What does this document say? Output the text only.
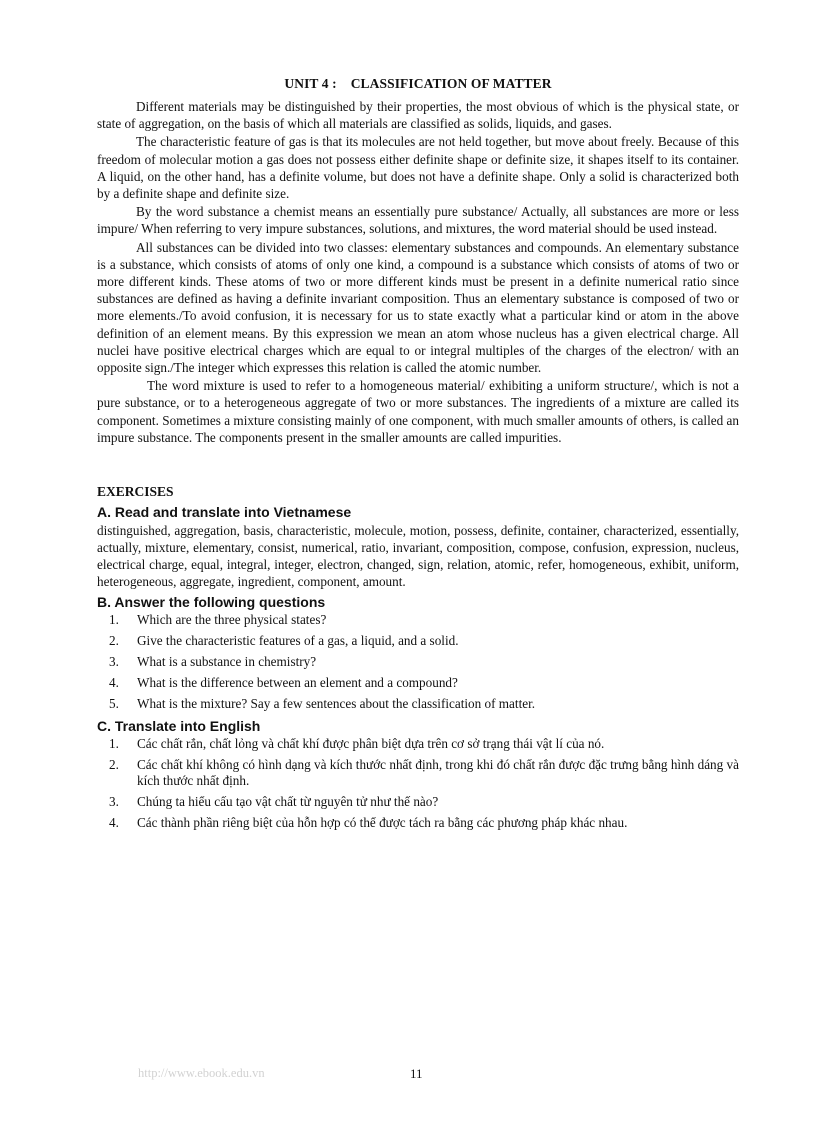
UNIT 4 : CLASSIFICATION OF MATTER

Different materials may be distinguished by their properties, the most obvious of which is the physical state, or state of aggregation, on the basis of which all materials are classified as solids, liquids, and gases.

The characteristic feature of gas is that its molecules are not held together, but move about freely. Because of this freedom of molecular motion a gas does not possess either definite shape or definite size, it shapes itself to its container. A liquid, on the other hand, has a definite volume, but does not have a definite shape. Only a solid is characterized both by a definite shape and definite size.

By the word substance a chemist means an essentially pure substance/ Actually, all substances are more or less impure/ When referring to very impure substances, solutions, and mixtures, the word material should be used instead.

All substances can be divided into two classes: elementary substances and compounds. An elementary substance is a substance, which consists of atoms of only one kind, a compound is a substance which consists of atoms of two or more different kinds. These atoms of two or more different kinds must be present in a definite numerical ratio since substances are defined as having a definite invariant composition. Thus an elementary substance is composed of two or more elements./To avoid confusion, it is necessary for us to state exactly what a particular kind or atom in the above definition of an element means. By this expression we mean an atom whose nucleus has a given electrical charge. All nuclei have positive electrical charges which are equal to or integral multiples of the charges of the electron/ with an opposite sign./The integer which expresses this relation is called the atomic number.

The word mixture is used to refer to a homogeneous material/ exhibiting a uniform structure/, which is not a pure substance, or to a heterogeneous aggregate of two or more substances. The ingredients of a mixture are called its component. Sometimes a mixture consisting mainly of one component, with much smaller amounts of others, is called an impure substance. The components present in the smaller amounts are called impurities.

EXERCISES
A. Read and translate into Vietnamese

distinguished, aggregation, basis, characteristic, molecule, motion, possess, definite, container, characterized, essentially, actually, mixture, elementary, consist, numerical, ratio, invariant, composition, compose, confusion, expression, nucleus, electrical charge, equal, integral, integer, electron, changed, sign, relation, atomic, refer, homogeneous, exhibit, uniform, heterogeneous, aggregate, ingredient, component, amount.

B. Answer the following questions
1.	Which are the three physical states?
2.	Give the characteristic features of a gas, a liquid, and a solid.
3.	What is a substance in chemistry?
4.	What is the difference between an element and a compound?
5.	What is the mixture? Say a few sentences about the classification of matter.
C. Translate into English
1.	Các chất rắn, chất lỏng và chất khí được phân biệt dựa trên cơ sở trạng thái vật lí của nó.
2.	Các chất khí không có hình dạng và kích thước nhất định, trong khi đó chất rắn được đặc trưng bằng hình dáng và kích thước nhất định.
3.	Chúng ta hiểu cấu tạo vật chất từ nguyên tử như thế nào?
4.	Các thành phần riêng biệt của hỗn hợp có thể được tách ra bằng các phương pháp khác nhau.
http://www.ebook.edu.vn	11
